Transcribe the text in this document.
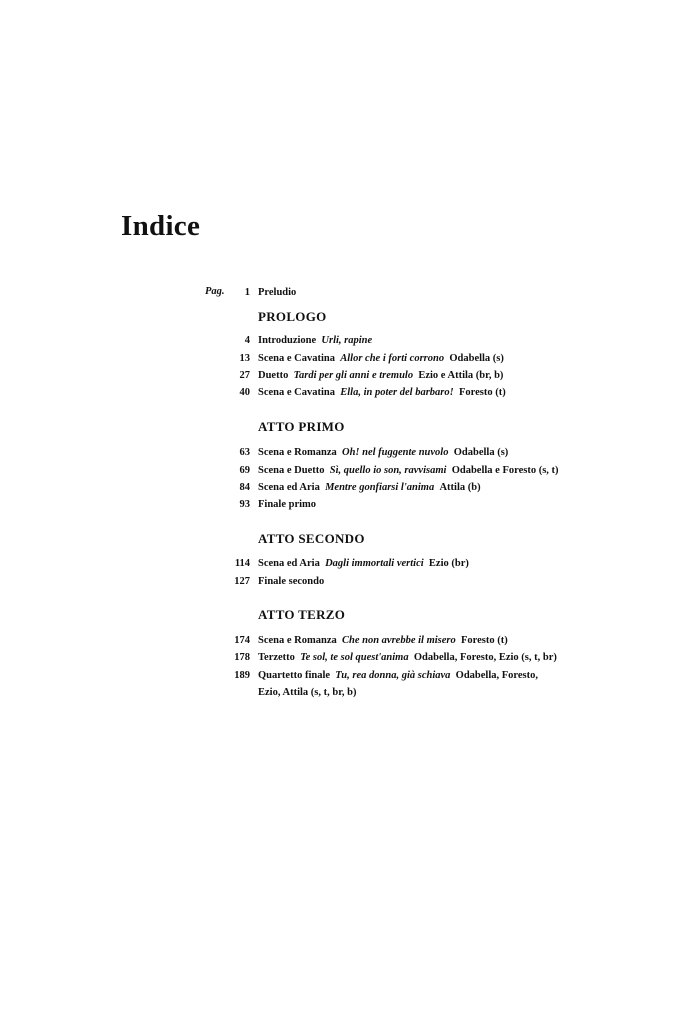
Indice
Pag.	1 Preludio
PROLOGO
4 Introduzione Urli, rapine
13 Scena e Cavatina Allor che i forti corrono Odabella (s)
27 Duetto Tardi per gli anni e tremulo Ezio e Attila (br, b)
40 Scena e Cavatina Ella, in poter del barbaro! Foresto (t)
ATTO PRIMO
63 Scena e Romanza Oh! nel fuggente nuvolo Odabella (s)
69 Scena e Duetto Sì, quello io son, ravvisami Odabella e Foresto (s, t)
84 Scena ed Aria Mentre gonfiarsi l'anima Attila (b)
93 Finale primo
ATTO SECONDO
114 Scena ed Aria Dagli immortali vertici Ezio (br)
127 Finale secondo
ATTO TERZO
174 Scena e Romanza Che non avrebbe il misero Foresto (t)
178 Terzetto Te sol, te sol quest'anima Odabella, Foresto, Ezio (s, t, br)
189 Quartetto finale Tu, rea donna, già schiava Odabella, Foresto,
Ezio, Attila (s, t, br, b)
